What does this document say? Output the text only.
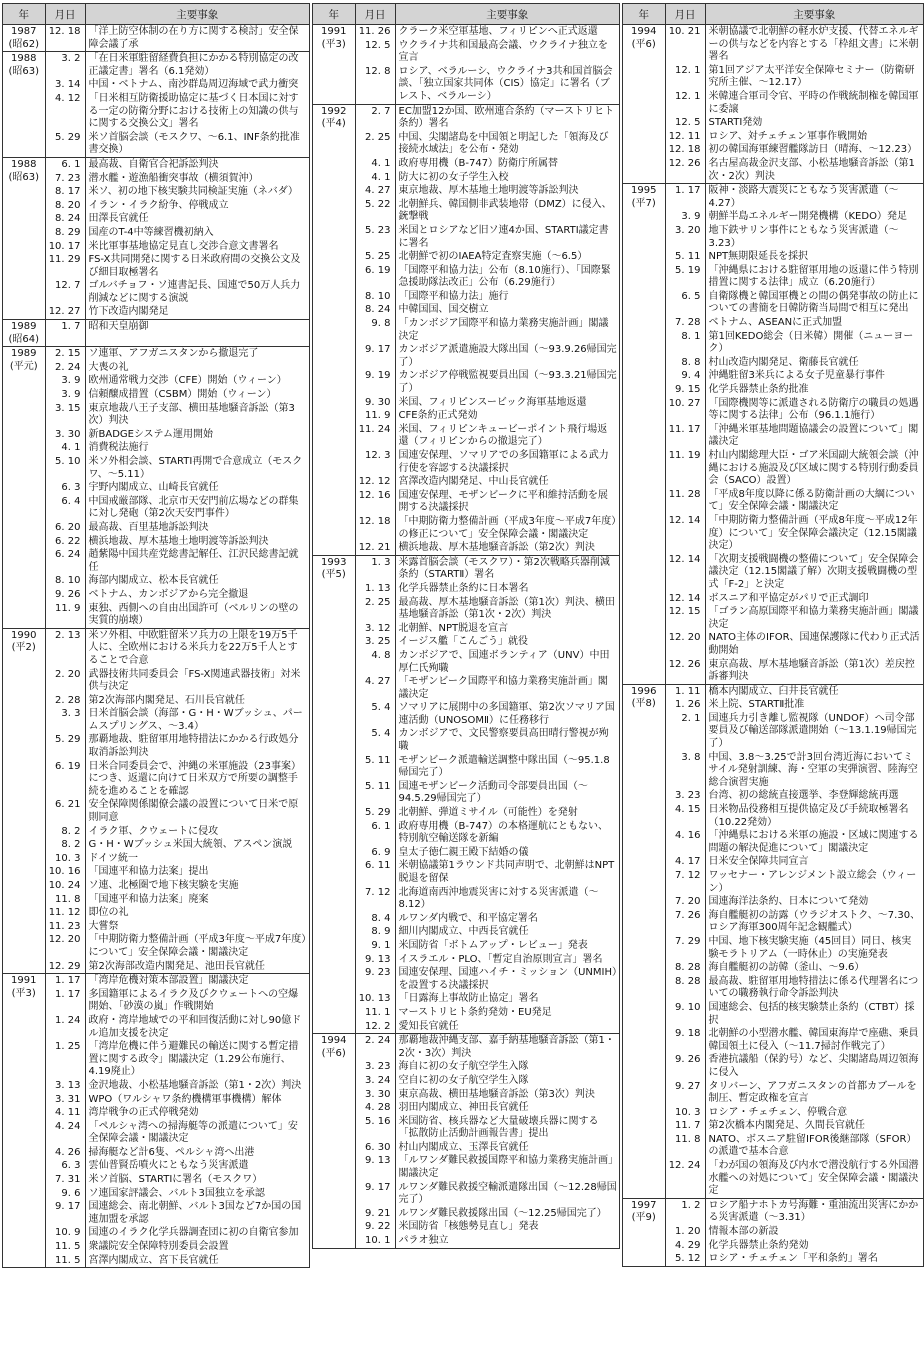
年	月日	主要事象
1987
(昭62)	12. 18	「洋上防空体制の在り方に関する検討」安全保障会議了承
1988
(昭63)	3. 2	「在日米軍駐留経費負担にかかる特別協定の改正議定書」署名（6.1発効）
	3. 14	中国・ベトナム、南沙群島周辺海域で武力衝突
	4. 12	「日米相互防衛援助協定に基づく日本国に対する一定の防衛分野における技術上の知識の供与に関する交換公文」署名
	5. 29	米ソ首脳会談（モスクワ、～6.1、INF条約批准書交換）
1988
(昭63)	6. 1	最高裁、自衛官合祀訴訟判決
	7. 23	潜水艦・遊漁船衝突事故（横須賀沖）
	8. 17	米ソ、初の地下核実験共同検証実施（ネバダ）
	8. 20	イラン・イラク紛争、停戦成立
	8. 24	田澤長官就任
	8. 29	国産のT-4中等練習機初納入
	10. 17	米比軍事基地協定見直し交渉合意文書署名
	11. 29	FS-X共同開発に関する日米政府間の交換公文及び細目取極署名
	12. 7	ゴルバチョフ・ソ連書記長、国連で50万人兵力削減などに関する演説
	12. 27	竹下改造内閣発足
1989
(昭64)	1. 7	昭和天皇崩御
1989
(平元)	2. 15	ソ連軍、アフガニスタンから撤退完了
	2. 24	大喪の礼
	3. 9	欧州通常戦力交渉（CFE）開始（ウィーン）
	3. 9	信頼醸成措置（CSBM）開始（ウィーン）
	3. 15	東京地裁八王子支部、横田基地騒音訴訟（第3次）判決
	3. 30	新BADGEシステム運用開始
	4. 1	消費税法施行
	5. 10	米ソ外相会談、STARTⅠ再開で合意成立（モスクワ、～5.11）
	6. 3	宇野内閣成立、山崎長官就任
	6. 4	中国戒厳部隊、北京市天安門前広場などの群集に対し発砲（第2次天安門事件）
	6. 20	最高裁、百里基地訴訟判決
	6. 22	横浜地裁、厚木基地土地明渡等訴訟判決
	6. 24	趙紫陽中国共産党総書記解任、江沢民総書記就任
	8. 10	海部内閣成立、松本長官就任
	9. 26	ベトナム、カンボジアから完全撤退
	11. 9	東独、西側への自由出国許可（ベルリンの壁の実質的崩壊）
1990
(平2)	2. 13	米ソ外相、中欧駐留米ソ兵力の上限を19万5千人に、全欧州における米兵力を22万5千人とすることで合意
	2. 20	武器技術共同委員会「FS-X関連武器技術」対米供与決定
	2. 28	第2次海部内閣発足、石川長官就任
	3. 3	日米首脳会談（海部・G・H・Wブッシュ、パームスプリングス、～3.4）
	5. 29	那覇地裁、駐留軍用地特措法にかかる行政処分取消訴訟判決
	6. 19	日米合同委員会で、沖縄の米軍施設（23事案）につき、返還に向けて日米双方で所要の調整手続を進めることを確認
	6. 21	安全保障関係閣僚会議の設置について日米で原則同意
	8. 2	イラク軍、クウェートに侵攻
	8. 2	G・H・Wブッシュ米国大統領、アスペン演説
	10. 3	ドイツ統一
	10. 16	「国連平和協力法案」提出
	10. 24	ソ連、北極圏で地下核実験を実施
	11. 8	「国連平和協力法案」廃案
	11. 12	即位の礼
	11. 23	大嘗祭
	12. 20	「中期防衛力整備計画（平成3年度～平成7年度）について」安全保障会議・閣議決定
	12. 29	第2次海部改造内閣発足、池田長官就任
1991
(平3)	1. 17	「湾岸危機対策本部設置」閣議決定
	1. 17	多国籍軍によるイラク及びクウェートへの空爆開始、「砂漠の嵐」作戦開始
	1. 24	政府・湾岸地域での平和回復活動に対し90億ドル追加支援を決定
	1. 25	「湾岸危機に伴う避難民の輸送に関する暫定措置に関する政令」閣議決定（1.29公布施行、4.19廃止）
	3. 13	金沢地裁、小松基地騒音訴訟（第1・2次）判決
	3. 31	WPO（ワルシャワ条約機構軍事機構）解体
	4. 11	湾岸戦争の正式停戦発効
	4. 24	「ペルシャ湾への掃海艇等の派遣について」安全保障会議・閣議決定
	4. 26	掃海艇など計6隻、ペルシャ湾へ出港
	6. 3	雲仙普賢岳噴火にともなう災害派遣
	7. 31	米ソ首脳、STARTⅠに署名（モスクワ）
	9. 6	ソ連国家評議会、バルト3国独立を承認
	9. 17	国連総会、南北朝鮮、バルト3国など7か国の国連加盟を承認
	10. 9	国連のイラク化学兵器調査団に初の自衛官参加
	11. 5	衆議院安全保障特別委員会設置
	11. 5	宮澤内閣成立、宮下長官就任
年	月日	主要事象
1991
(平3)	11. 26	クラーク米空軍基地、フィリピンへ正式返還
	12. 5	ウクライナ共和国最高会議、ウクライナ独立を宣言
	12. 8	ロシア、ベラルーシ、ウクライナ3共和国首脳会談、「独立国家共同体（CIS）協定」に署名（ブレスト、ベラルーシ）
1992
(平4)	2. 7	EC加盟12か国、欧州連合条約（マーストリヒト条約）署名
	2. 25	中国、尖閣諸島を中国領と明記した「領海及び接続水域法」を公布・発効
	4. 1	政府専用機（B-747）防衛庁所属替
	4. 1	防大に初の女子学生入校
	4. 27	東京地裁、厚木基地土地明渡等訴訟判決
	5. 22	北朝鮮兵、韓国側非武装地帯（DMZ）に侵入、銃撃戦
	5. 23	米国とロシアなど旧ソ連4か国、STARTⅠ議定書に署名
	5. 25	北朝鮮で初のIAEA特定査察実施（～6.5）
	6. 19	「国際平和協力法」公布（8.10施行）、「国際緊急援助隊法改正」公布（6.29施行）
	8. 10	「国際平和協力法」施行
	8. 24	中韓国国、国交樹立
	9. 8	「カンボジア国際平和協力業務実施計画」閣議決定
	9. 17	カンボジア派遣施設大隊出国（～93.9.26帰国完了）
	9. 19	カンボジア停戦監視要員出国（～93.3.21帰国完了）
	9. 30	米国、フィリピンスービック海軍基地返還
	11. 9	CFE条約正式発効
	11. 24	米国、フィリピンキュービーポイント飛行場返還（フィリピンからの撤退完了）
	12. 3	国連安保理、ソマリアでの多国籍軍による武力行使を容認する決議採択
	12. 12	宮澤改造内閣発足、中山長官就任
	12. 16	国連安保理、モザンビークに平和維持活動を展開する決議採択
	12. 18	「中期防衛力整備計画（平成3年度～平成7年度）の修正について」安全保障会議・閣議決定
	12. 21	横浜地裁、厚木基地騒音訴訟（第2次）判決
1993
(平5)	1. 3	米露首脳会談（モスクワ）・第2次戦略兵器削減条約（STARTⅡ）署名
	1. 13	化学兵器禁止条約に日本署名
	2. 25	最高裁、厚木基地騒音訴訟（第1次）判決、横田基地騒音訴訟（第1次・2次）判決
	3. 12	北朝鮮、NPT脱退を宣言
	3. 25	イージス艦「こんごう」就役
	4. 8	カンボジアで、国連ボランティア（UNV）中田厚仁氏殉職
	4. 27	「モザンビーク国際平和協力業務実施計画」閣議決定
	5. 4	ソマリアに展開中の多国籍軍、第2次ソマリア国連活動（UNOSOMⅡ）に任務移行
	5. 4	カンボジアで、文民警察要員高田晴行警視が殉職
	5. 11	モザンビーク派遣輸送調整中隊出国（～95.1.8帰国完了）
	5. 11	国連モザンビーク活動司令部要員出国（～94.5.29帰国完了）
	5. 29	北朝鮮、弾道ミサイル（可能性）を発射
	6. 1	政府専用機（B-747）の本格運航にともない、特別航空輸送隊を新編
	6. 9	皇太子徳仁親王殿下結婚の儀
	6. 11	米朝協議第1ラウンド共同声明で、北朝鮮はNPT脱退を留保
	7. 12	北海道南西沖地震災害に対する災害派遣（～8.12）
	8. 4	ルワンダ内戦で、和平協定署名
	8. 9	細川内閣成立、中西長官就任
	9. 1	米国防省「ボトムアップ・レビュー」発表
	9. 13	イスラエル・PLO、「暫定自治原則宣言」署名
	9. 23	国連安保理、国連ハイチ・ミッション（UNMIH）を設置する決議採択
	10. 13	「日露海上事故防止協定」署名
	11. 1	マーストリヒト条約発効・EU発足
	12. 2	愛知長官就任
1994
(平6)	2. 24	那覇地裁沖縄支部、嘉手納基地騒音訴訟（第1・2次・3次）判決
	3. 23	海自に初の女子航空学生入隊
	3. 24	空自に初の女子航空学生入隊
	3. 30	東京高裁、横田基地騒音訴訟（第3次）判決
	4. 28	羽田内閣成立、神田長官就任
	5. 16	米国防省、核兵器など大量破壊兵器に関する「拡散防止活動計画報告書」提出
	6. 30	村山内閣成立、玉澤長官就任
	9. 13	「ルワンダ難民救援国際平和協力業務実施計画」閣議決定
	9. 17	ルワンダ難民救援空輸派遣隊出国（～12.28帰国完了）
	9. 21	ルワンダ難民救援隊出国（～12.25帰国完了）
	9. 22	米国防省「核態勢見直し」発表
	10. 1	パラオ独立
年	月日	主要事象
1994
(平6)	10. 21	米朝協議で北朝鮮の軽水炉支援、代替エネルギーの供与などを内容とする「枠組文書」に米朝署名
	12. 1	第1回アジア太平洋安全保障セミナー（防衛研究所主催、～12.17）
	12. 1	米韓連合軍司令官、平時の作戦統制権を韓国軍に委譲
	12. 5	STARTⅠ発効
	12. 11	ロシア、対チェチェン軍事作戦開始
	12. 18	初の韓国海軍練習艦隊訪日（晴海、～12.23）
	12. 26	名古屋高裁金沢支部、小松基地騒音訴訟（第1次・2次）判決
1995
(平7)	1. 17	阪神・淡路大震災にともなう災害派遣（～4.27）
	3. 9	朝鮮半島エネルギー開発機構（KEDO）発足
	3. 20	地下鉄サリン事件にともなう災害派遣（～3.23）
	5. 11	NPT無期限延長を採択
	5. 19	「沖縄県における駐留軍用地の返還に伴う特別措置に関する法律」成立（6.20施行）
	6. 5	自衛隊機と韓国軍機との間の偶発事故の防止についての書簡を日韓防衛当局間で相互に発出
	7. 28	ベトナム、ASEANに正式加盟
	8. 1	第1回KEDO総会（日米韓）開催（ニューヨーク）
	8. 8	村山改造内閣発足、衛藤長官就任
	9. 4	沖縄駐留3米兵による女子児童暴行事件
	9. 15	化学兵器禁止条約批准
	10. 27	「国際機関等に派遣される防衛庁の職員の処遇等に関する法律」公布（96.1.1施行）
	11. 17	「沖縄米軍基地問題協議会の設置について」閣議決定
	11. 19	村山内閣総理大臣・ゴア米国副大統領会談（沖縄における施設及び区域に関する特別行動委員会（SACO）設置）
	11. 28	「平成8年度以降に係る防衛計画の大綱について」安全保障会議・閣議決定
	12. 14	「中期防衛力整備計画（平成8年度～平成12年度）について」安全保障会議決定（12.15閣議決定）
	12. 14	「次期支援戦闘機の整備について」安全保障会議決定（12.15閣議了解）次期支援戦闘機の型式「F-2」と決定
	12. 14	ボスニア和平協定がパリで正式調印
	12. 15	「ゴラン高原国際平和協力業務実施計画」閣議決定
	12. 20	NATO主体のIFOR、国連保護隊に代わり正式活動開始
	12. 26	東京高裁、厚木基地騒音訴訟（第1次）差戻控訴審判決
1996
(平8)	1. 11	橋本内閣成立、臼井長官就任
	1. 26	米上院、STARTⅡ批准
	2. 1	国連兵力引き離し監視隊（UNDOF）へ司令部要員及び輸送部隊派遣開始（～13.1.19帰国完了）
	3. 8	中国、3.8～3.25で計3回台湾近海においてミサイル発射訓練、海・空軍の実弾演習、陸海空総合演習実施
	3. 23	台湾、初の総統直接選挙、李登輝総統再選
	4. 15	日米物品役務相互提供協定及び手続取極署名（10.22発効）
	4. 16	「沖縄県における米軍の施設・区域に関連する問題の解決促進について」閣議決定
	4. 17	日米安全保障共同宣言
	7. 12	ワッセナー・アレンジメント設立総会（ウィーン）
	7. 20	国連海洋法条約、日本について発効
	7. 26	海自艦艇初の訪露（ウラジオストク、～7.30、ロシア海軍300周年記念観艦式）
	7. 29	中国、地下核実験実施（45回目）同日、核実験モラトリアム（一時休止）の実施発表
	8. 28	海自艦艇初の訪韓（釜山、～9.6）
	8. 28	最高裁、駐留軍用地特措法に係る代理署名についての職務執行命令訴訟判決
	9. 10	国連総会、包括的核実験禁止条約（CTBT）採択
	9. 18	北朝鮮の小型潜水艦、韓国東海岸で座礁、乗員韓国領土に侵入（～11.7掃討作戦完了）
	9. 26	香港抗議船（保釣号）など、尖閣諸島周辺領海に侵入
	9. 27	タリバーン、アフガニスタンの首都カブールを制圧、暫定政権を宣言
	10. 3	ロシア・チェチェン、停戦合意
	11. 7	第2次橋本内閣発足、久間長官就任
	11. 8	NATO、ボスニア駐留IFOR後継部隊（SFOR）の派遣で基本合意
	12. 24	「わが国の領海及び内水で潜没航行する外国潜水艦への対処について」安全保障会議・閣議決定
1997
(平9)	1. 2	ロシア船ナホトカ号海難・重油流出災害にかかる災害派遣（～3.31）
	1. 20	情報本部の新設
	4. 29	化学兵器禁止条約発効
	5. 12	ロシア・チェチェン「平和条約」署名
